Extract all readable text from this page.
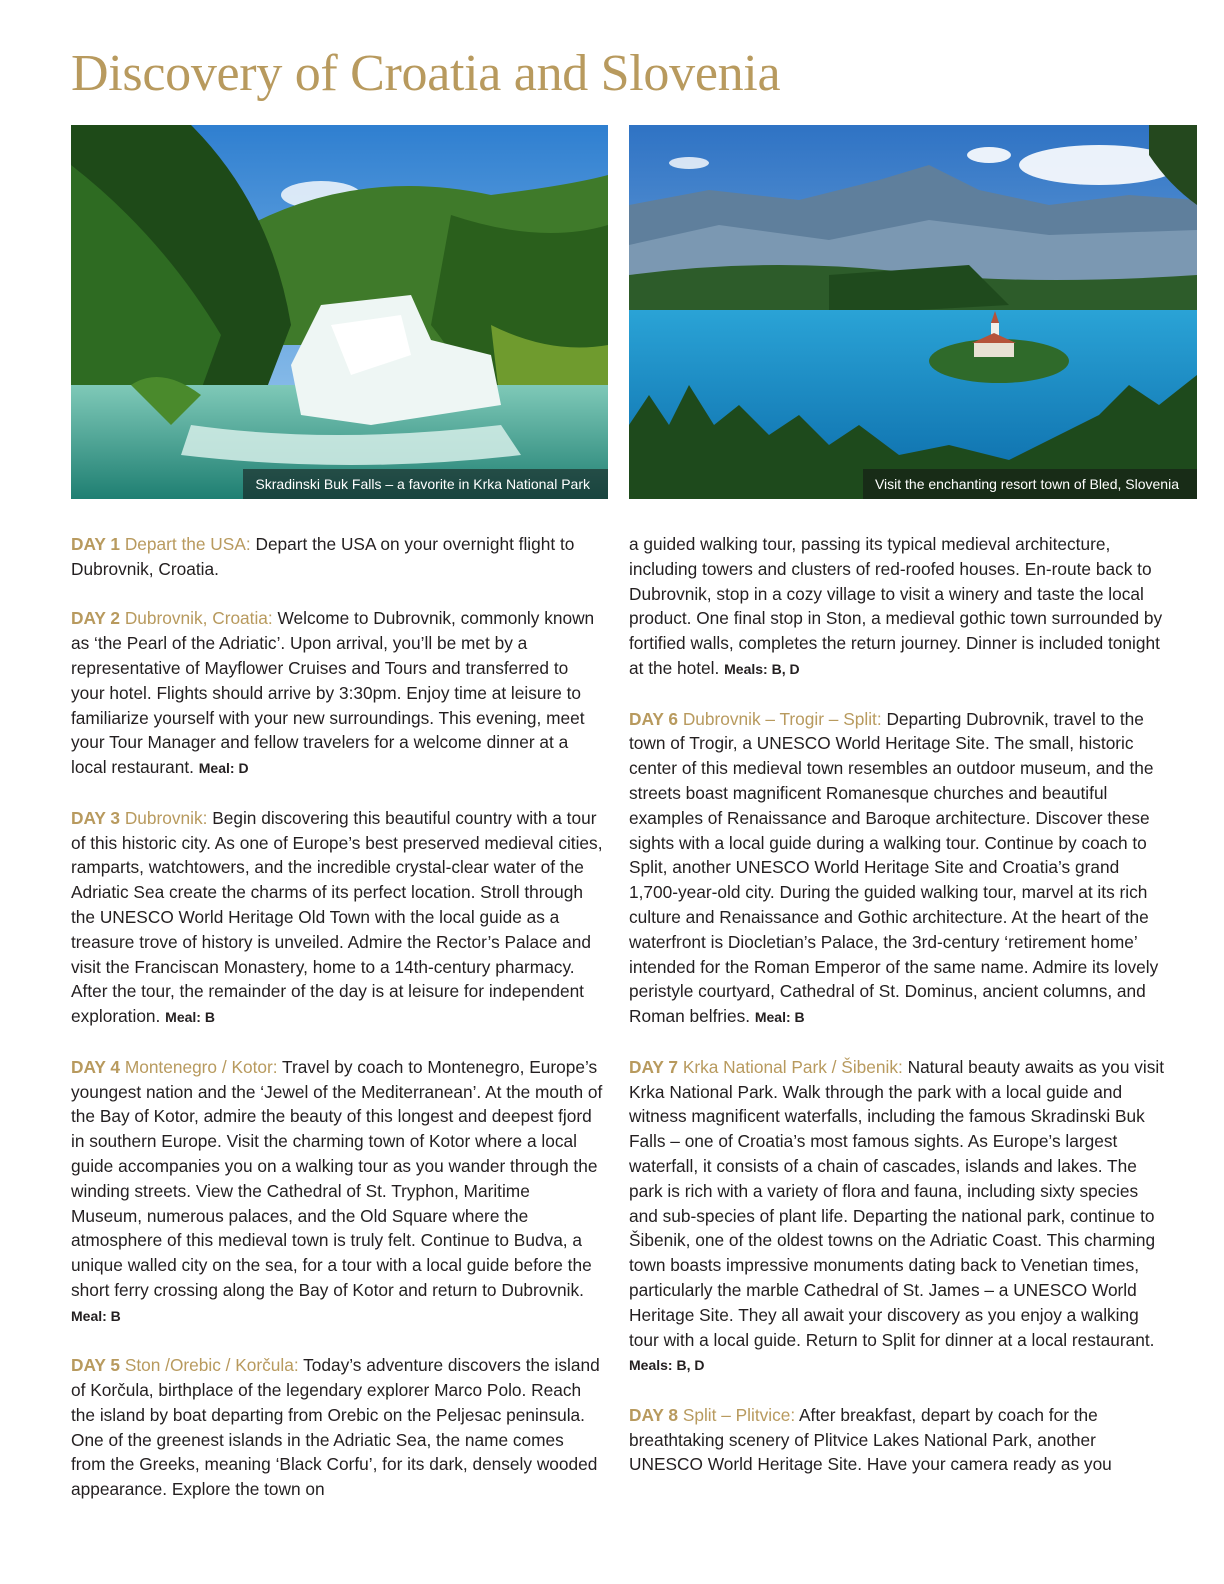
Discovery of Croatia and Slovenia
Skradinski Buk Falls – a favorite in Krka National Park	Visit the enchanting resort town of Bled, Slovenia

DAY 1 Depart the USA: Depart the USA on your overnight flight to Dubrovnik, Croatia.

DAY 2 Dubrovnik, Croatia: Welcome to Dubrovnik, commonly known as ‘the Pearl of the Adriatic’. Upon arrival, you’ll be met by a representative of Mayflower Cruises and Tours and transferred to your hotel. Flights should arrive by 3:30pm. Enjoy time at leisure to familiarize yourself with your new surroundings. This evening, meet your Tour Manager and fellow travelers for a welcome dinner at a local restaurant. Meal: D

DAY 3 Dubrovnik: Begin discovering this beautiful country with a tour of this historic city. As one of Europe’s best preserved medieval cities, ramparts, watchtowers, and the incredible crystal-clear water of the Adriatic Sea create the charms of its perfect location. Stroll through the UNESCO World Heritage Old Town with the local guide as a treasure trove of history is unveiled. Admire the Rector’s Palace and visit the Franciscan Monastery, home to a 14th-century pharmacy. After the tour, the remainder of the day is at leisure for independent exploration. Meal: B

DAY 4 Montenegro / Kotor: Travel by coach to Montenegro, Europe’s youngest nation and the ‘Jewel of the Mediterranean’. At the mouth of the Bay of Kotor, admire the beauty of this longest and deepest fjord in southern Europe. Visit the charming town of Kotor where a local guide accompanies you on a walking tour as you wander through the winding streets. View the Cathedral of St. Tryphon, Maritime Museum, numerous palaces, and the Old Square where the atmosphere of this medieval town is truly felt. Continue to Budva, a unique walled city on the sea, for a tour with a local guide before the short ferry crossing along the Bay of Kotor and return to Dubrovnik. Meal: B

DAY 5 Ston /Orebic / Korčula: Today’s adventure discovers the island of Korčula, birthplace of the legendary explorer Marco Polo. Reach the island by boat departing from Orebic on the Peljesac peninsula. One of the greenest islands in the Adriatic Sea, the name comes from the Greeks, meaning ‘Black Corfu’, for its dark, densely wooded appearance. Explore the town on

a guided walking tour, passing its typical medieval architecture, including towers and clusters of red-roofed houses. En-route back to Dubrovnik, stop in a cozy village to visit a winery and taste the local product. One final stop in Ston, a medieval gothic town surrounded by fortified walls, completes the return journey. Dinner is included tonight at the hotel. Meals: B, D

DAY 6 Dubrovnik – Trogir – Split: Departing Dubrovnik, travel to the town of Trogir, a UNESCO World Heritage Site. The small, historic center of this medieval town resembles an outdoor museum, and the streets boast magnificent Romanesque churches and beautiful examples of Renaissance and Baroque architecture. Discover these sights with a local guide during a walking tour. Continue by coach to Split, another UNESCO World Heritage Site and Croatia’s grand 1,700-year-old city. During the guided walking tour, marvel at its rich culture and Renaissance and Gothic architecture. At the heart of the waterfront is Diocletian’s Palace, the 3rd-century ‘retirement home’ intended for the Roman Emperor of the same name. Admire its lovely peristyle courtyard, Cathedral of St. Dominus, ancient columns, and Roman belfries. Meal: B

DAY 7 Krka National Park / Šibenik: Natural beauty awaits as you visit Krka National Park. Walk through the park with a local guide and witness magnificent waterfalls, including the famous Skradinski Buk Falls – one of Croatia’s most famous sights. As Europe’s largest waterfall, it consists of a chain of cascades, islands and lakes. The park is rich with a variety of flora and fauna, including sixty species and sub-species of plant life. Departing the national park, continue to Šibenik, one of the oldest towns on the Adriatic Coast. This charming town boasts impressive monuments dating back to Venetian times, particularly the marble Cathedral of St. James – a UNESCO World Heritage Site. They all await your discovery as you enjoy a walking tour with a local guide. Return to Split for dinner at a local restaurant. Meals: B, D

DAY 8 Split – Plitvice: After breakfast, depart by coach for the breathtaking scenery of Plitvice Lakes National Park, another UNESCO World Heritage Site. Have your camera ready as you
